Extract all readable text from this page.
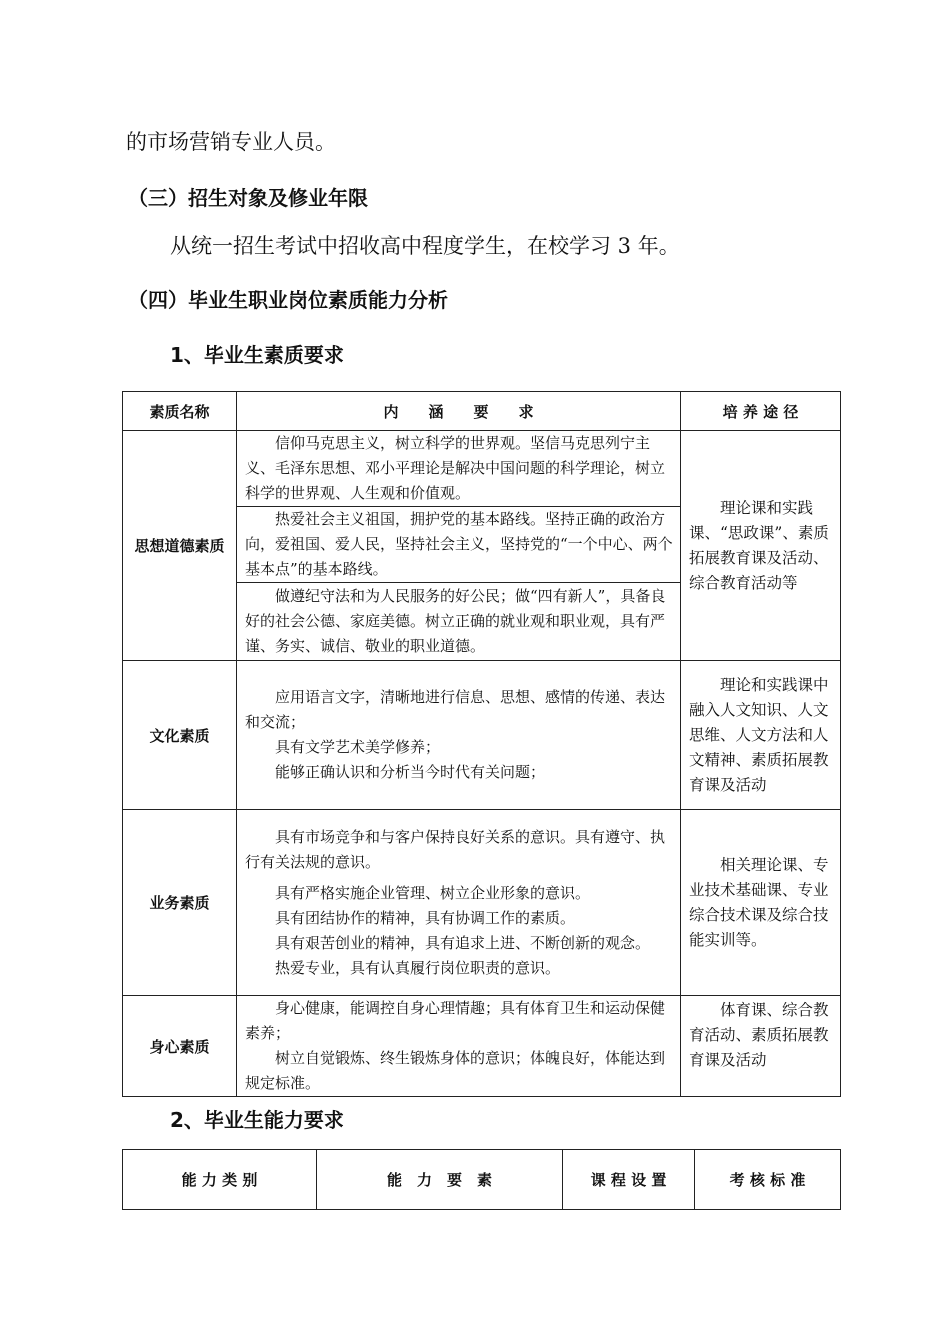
的市场营销专业人员。
（三）招生对象及修业年限
从统一招生考试中招收高中程度学生，在校学习 3 年。
（四）毕业生职业岗位素质能力分析
1、毕业生素质要求
素质名称	内　　涵　　要　　求	培 养 途 径
思想道德素质	信仰马克思主义，树立科学的世界观。坚信马克思列宁主义、毛泽东思想、邓小平理论是解决中国问题的科学理论，树立科学的世界观、人生观和价值观。	理论课和实践课、“思政课”、素质拓展教育课及活动、综合教育活动等
	热爱社会主义祖国，拥护党的基本路线。坚持正确的政治方向，爱祖国、爱人民，坚持社会主义，坚持党的“一个中心、两个基本点”的基本路线。	
	做遵纪守法和为人民服务的好公民；做“四有新人”，具备良好的社会公德、家庭美德。树立正确的就业观和职业观，具有严谨、务实、诚信、敬业的职业道德。	
文化素质	应用语言文字，清晰地进行信息、思想、感情的传递、表达和交流；

具有文学艺术美学修养；

能够正确认识和分析当今时代有关问题；	理论和实践课中融入人文知识、人文思维、人文方法和人文精神、素质拓展教育课及活动
业务素质	具有市场竞争和与客户保持良好关系的意识。具有遵守、执行有关法规的意识。

具有严格实施企业管理、树立企业形象的意识。

具有团结协作的精神，具有协调工作的素质。

具有艰苦创业的精神，具有追求上进、不断创新的观念。

热爱专业，具有认真履行岗位职责的意识。	相关理论课、专业技术基础课、专业综合技术课及综合技能实训等。
身心素质	身心健康，能调控自身心理情趣；具有体育卫生和运动保健素养；

树立自觉锻炼、终生锻炼身体的意识；体魄良好，体能达到规定标准。	体育课、综合教育活动、素质拓展教育课及活动
2、毕业生能力要求
能 力 类 别	能　力　要　素	课 程 设 置	考 核 标 准
